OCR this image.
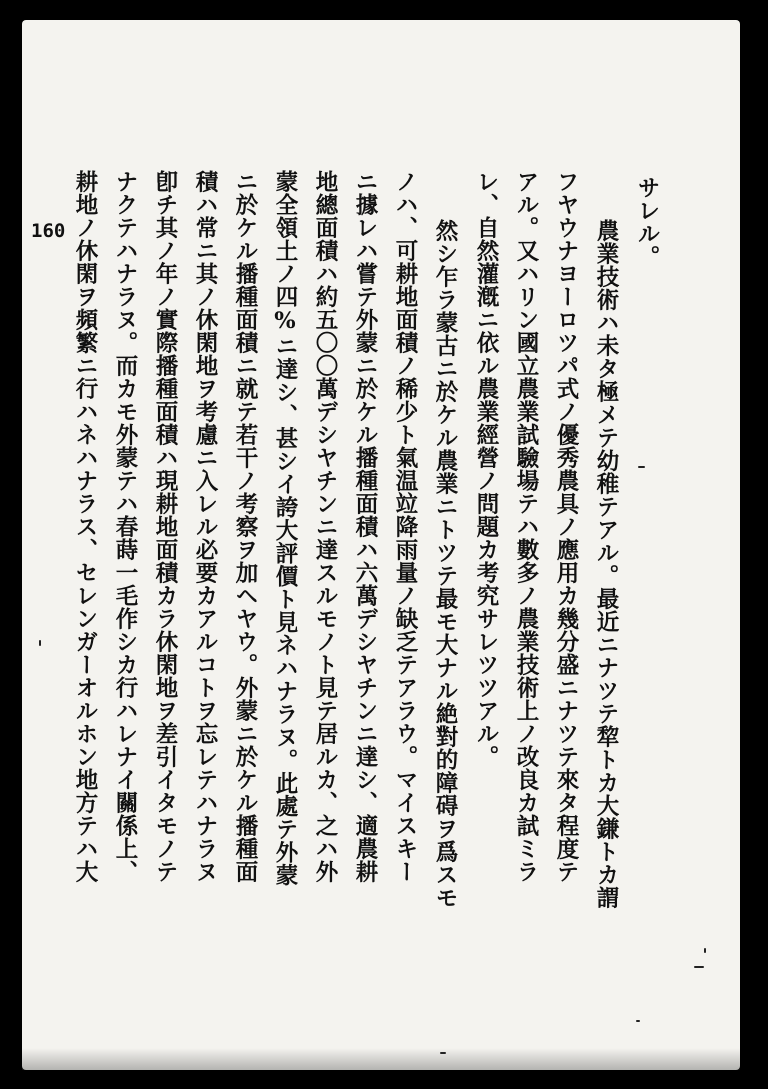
160	サレル。
　農業技術ハ未タ極メテ幼稚テアル。最近ニナツテ犂トカ大鎌トカ謂
フヤウナヨーロツパ式ノ優秀農具ノ應用カ幾分盛ニナツテ來タ程度テ
アル。又ハリン國立農業試驗場テハ數多ノ農業技術上ノ改良カ試ミラ
レ、自然灌漑ニ依ル農業經營ノ問題カ考究サレツツアル。
　然シ乍ラ蒙古ニ於ケル農業ニトツテ最モ大ナル絶對的障碍ヲ爲スモ
ノハ、可耕地面積ノ稀少ト氣温竝降雨量ノ缺乏テアラウ。マイスキー
ニ據レハ嘗テ外蒙ニ於ケル播種面積ハ六萬デシヤチンニ達シ、適農耕
地總面積ハ約五〇〇萬デシヤチンニ達スルモノト見テ居ルカ、之ハ外
蒙全領土ノ四%ニ達シ、甚シイ誇大評價ト見ネハナラヌ。此處テ外蒙
ニ於ケル播種面積ニ就テ若干ノ考察ヲ加ヘヤウ。外蒙ニ於ケル播種面
積ハ常ニ其ノ休閑地ヲ考慮ニ入レル必要カアルコトヲ忘レテハナラヌ
卽チ其ノ年ノ實際播種面積ハ現耕地面積カラ休閑地ヲ差引イタモノテ
ナクテハナラヌ。而カモ外蒙テハ春蒔一毛作シカ行ハレナイ關係上、
耕地ノ休閑ヲ頻繁ニ行ハネハナラス、セレンガーオルホン地方テハ大
